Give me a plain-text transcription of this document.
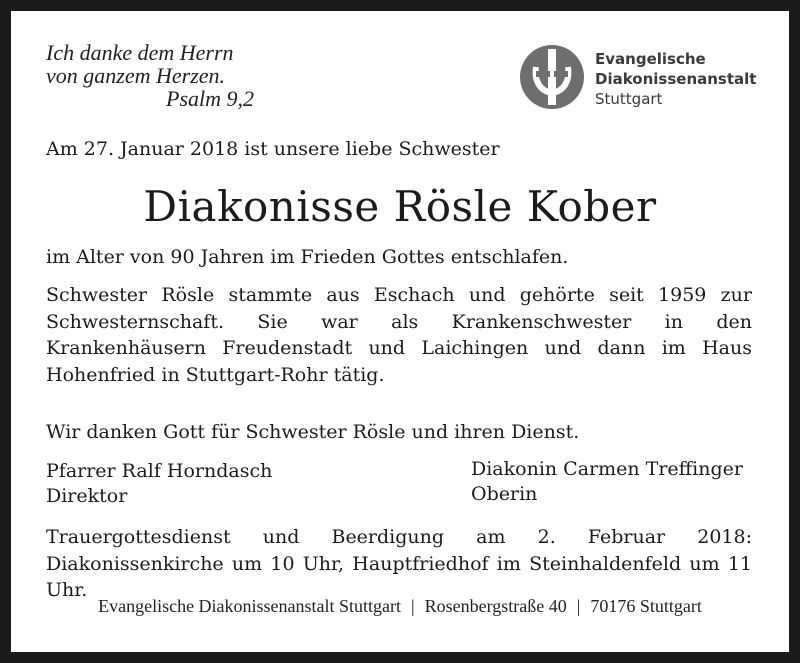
Ich danke dem Herrn
von ganzem Herzen.
Psalm 9,2
Evangelische
Diakonissenanstalt
Stuttgart
Am 27. Januar 2018 ist unsere liebe Schwester
Diakonisse Rösle Kober
im Alter von 90 Jahren im Frieden Gottes entschlafen.
Schwester Rösle stammte aus Eschach und gehörte seit 1959 zur Schwesternschaft. Sie war als Krankenschwester in den Krankenhäusern Freudenstadt und Laichingen und dann im Haus Hohenfried in Stuttgart-Rohr tätig.
Wir danken Gott für Schwester Rösle und ihren Dienst.
Pfarrer Ralf Horndasch
Direktor
Diakonin Carmen Treffinger
Oberin
Trauergottesdienst und Beerdigung am 2. Februar 2018: Diakonissenkirche um 10 Uhr, Hauptfriedhof im Steinhaldenfeld um 11 Uhr.
Evangelische Diakonissenanstalt Stuttgart | Rosenbergstraße 40 | 70176 Stuttgart
